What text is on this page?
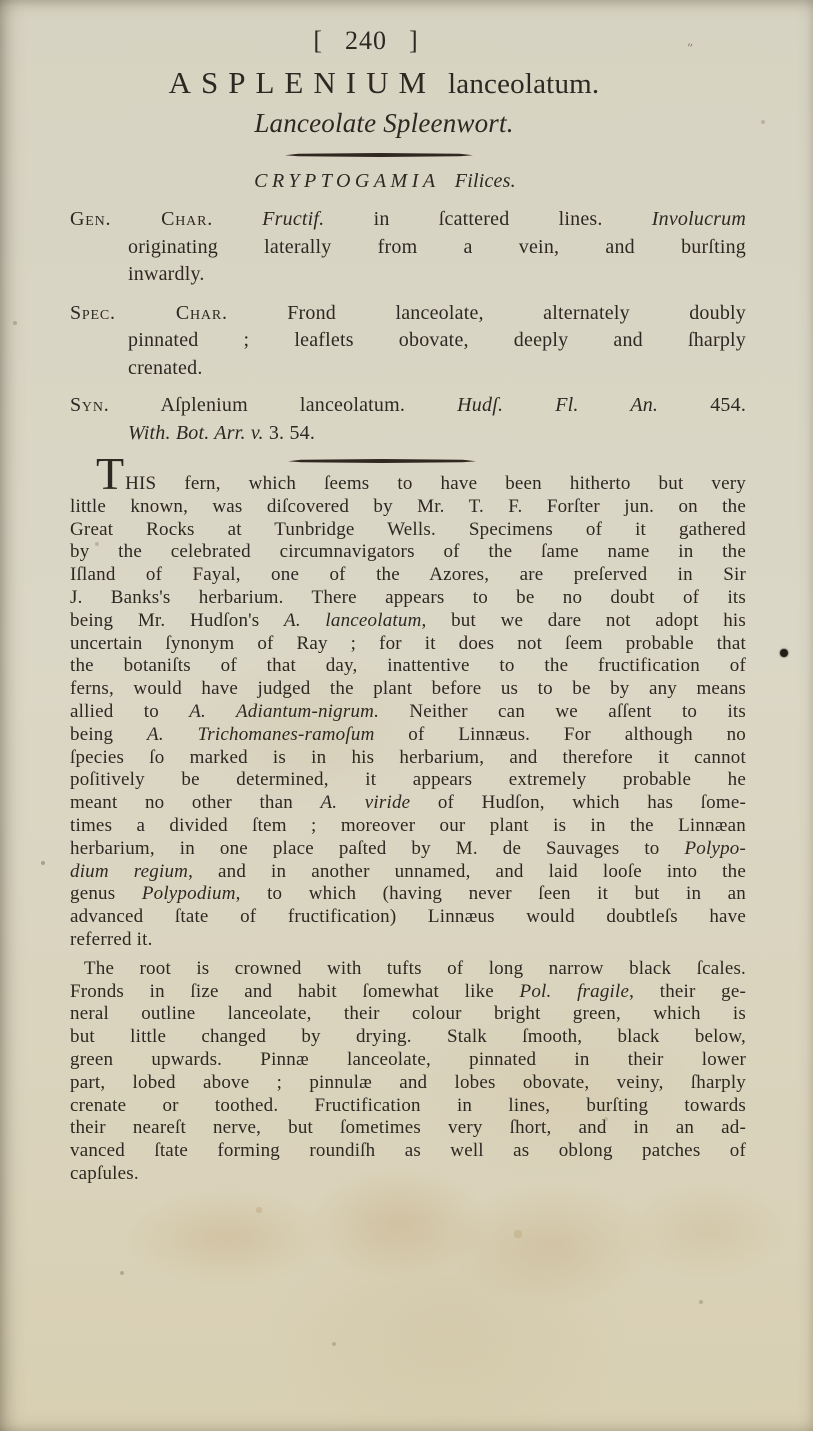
[ 240 ]
ASPLENIUM lanceolatum.
Lanceolate Spleenwort.
CRYPTOGAMIA Filices.
Gen. Char. Fructif. in ſcattered lines. Involucrum
originating laterally from a vein, and burſting
inwardly.
Spec. Char. Frond lanceolate, alternately doubly
pinnated ; leaflets obovate, deeply and ſharply
crenated.
Syn. Aſplenium lanceolatum. Hudſ. Fl. An. 454.
With. Bot. Arr. v. 3. 54.
THIS fern, which ſeems to have been hitherto but very
little known, was diſcovered by Mr. T. F. Forſter jun. on the
Great Rocks at Tunbridge Wells. Specimens of it gathered
by the celebrated circumnavigators of the ſame name in the
Iſland of Fayal, one of the Azores, are preſerved in Sir
J. Banks's herbarium. There appears to be no doubt of its
being Mr. Hudſon's A. lanceolatum, but we dare not adopt his
uncertain ſynonym of Ray ; for it does not ſeem probable that
the botaniſts of that day, inattentive to the fructification of
ferns, would have judged the plant before us to be by any means
allied to A. Adiantum-nigrum. Neither can we aſſent to its
being A. Trichomanes-ramoſum of Linnæus. For although no
ſpecies ſo marked is in his herbarium, and therefore it cannot
poſitively be determined, it appears extremely probable he
meant no other than A. viride of Hudſon, which has ſome-
times a divided ſtem ; moreover our plant is in the Linnæan
herbarium, in one place paſted by M. de Sauvages to Polypo-
dium regium, and in another unnamed, and laid looſe into the
genus Polypodium, to which (having never ſeen it but in an
advanced ſtate of fructification) Linnæus would doubtleſs have
referred it.
The root is crowned with tufts of long narrow black ſcales.
Fronds in ſize and habit ſomewhat like Pol. fragile, their ge-
neral outline lanceolate, their colour bright green, which is
but little changed by drying. Stalk ſmooth, black below,
green upwards. Pinnæ lanceolate, pinnated in their lower
part, lobed above ; pinnulæ and lobes obovate, veiny, ſharply
crenate or toothed. Fructification in lines, burſting towards
their neareſt nerve, but ſometimes very ſhort, and in an ad-
vanced ſtate forming roundiſh as well as oblong patches of
capſules.
ʺ
